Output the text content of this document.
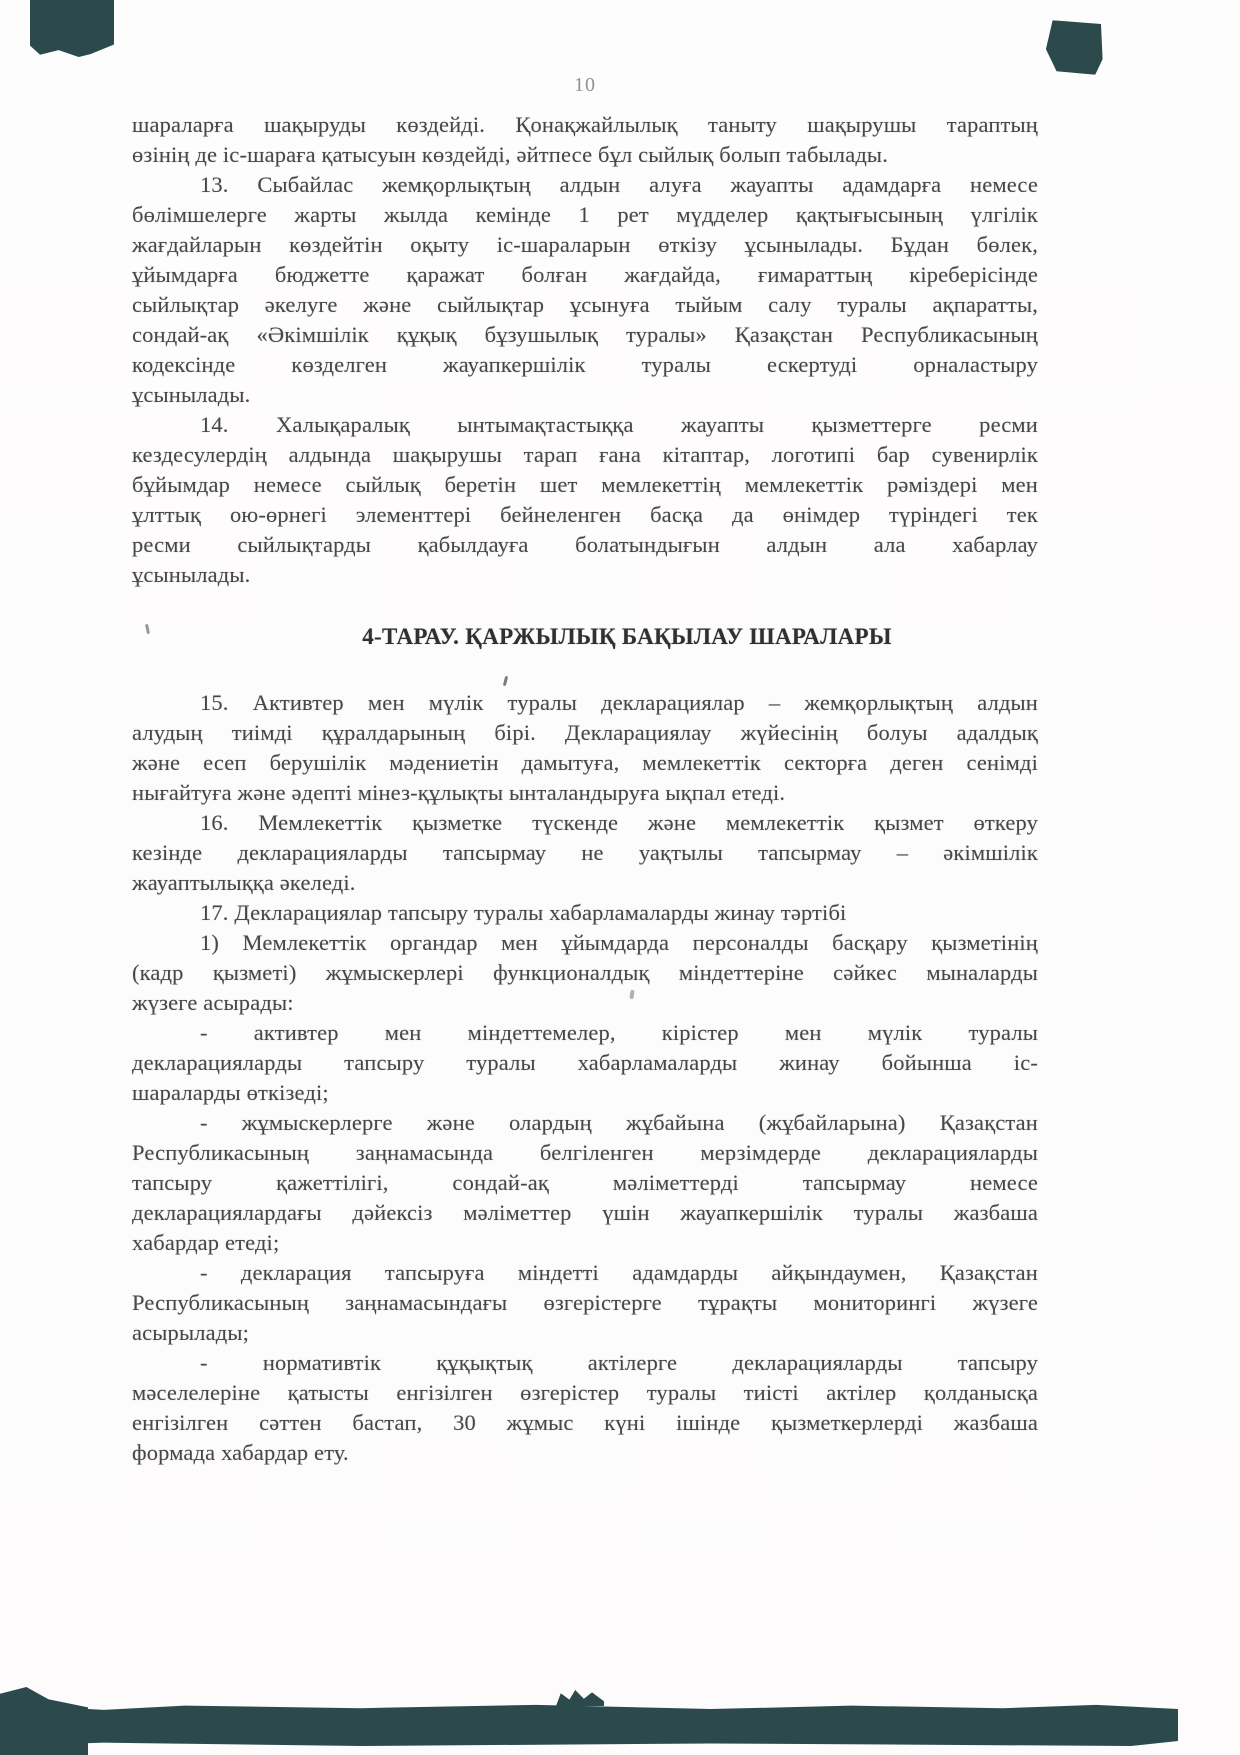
10
шараларға шақыруды көздейді. Қонақжайлылық таныту шақырушы тараптың
өзінің де іс-шараға қатысуын көздейді, әйтпесе бұл сыйлық болып табылады.
13. Сыбайлас жемқорлықтың алдын алуға жауапты адамдарға немесе
бөлімшелерге жарты жылда кемінде 1 рет мүдделер қақтығысының үлгілік
жағдайларын көздейтін оқыту іс-шараларын өткізу ұсынылады. Бұдан бөлек,
ұйымдарға бюджетте қаражат болған жағдайда, ғимараттың кіреберісінде
сыйлықтар әкелуге және сыйлықтар ұсынуға тыйым салу туралы ақпаратты,
сондай-ақ «Әкімшілік құқық бұзушылық туралы» Қазақстан Республикасының
кодексінде көзделген жауапкершілік туралы ескертуді орналастыру
ұсынылады.
14. Халықаралық ынтымақтастыққа жауапты қызметтерге ресми
кездесулердің алдында шақырушы тарап ғана кітаптар, логотипі бар сувенирлік
бұйымдар немесе сыйлық беретін шет мемлекеттің мемлекеттік рәміздері мен
ұлттық ою-өрнегі элементтері бейнеленген басқа да өнімдер түріндегі тек
ресми сыйлықтарды қабылдауға болатындығын алдын ала хабарлау
ұсынылады.
4-ТАРАУ. ҚАРЖЫЛЫҚ БАҚЫЛАУ ШАРАЛАРЫ
15. Активтер мен мүлік туралы декларациялар – жемқорлықтың алдын
алудың тиімді құралдарының бірі. Декларациялау жүйесінің болуы адалдық
және есеп берушілік мәдениетін дамытуға, мемлекеттік секторға деген сенімді
нығайтуға және әдепті мінез-құлықты ынталандыруға ықпал етеді.
16. Мемлекеттік қызметке түскенде және мемлекеттік қызмет өткеру
кезінде декларацияларды тапсырмау не уақтылы тапсырмау – әкімшілік
жауаптылыққа әкеледі.
17. Декларациялар тапсыру туралы хабарламаларды жинау тәртібі
1) Мемлекеттік органдар мен ұйымдарда персоналды басқару қызметінің
(кадр қызметі) жұмыскерлері функционалдық міндеттеріне сәйкес мыналарды
жүзеге асырады:
- активтер мен міндеттемелер, кірістер мен мүлік туралы
декларацияларды тапсыру туралы хабарламаларды жинау бойынша іс-
шараларды өткізеді;
- жұмыскерлерге және олардың жұбайына (жұбайларына) Қазақстан
Республикасының заңнамасында белгіленген мерзімдерде декларацияларды
тапсыру қажеттілігі, сондай-ақ мәліметтерді тапсырмау немесе
декларациялардағы дәйексіз мәліметтер үшін жауапкершілік туралы жазбаша
хабардар етеді;
- декларация тапсыруға міндетті адамдарды айқындаумен, Қазақстан
Республикасының заңнамасындағы өзгерістерге тұрақты мониторингі жүзеге
асырылады;
- нормативтік құқықтық актілерге декларацияларды тапсыру
мәселелеріне қатысты енгізілген өзгерістер туралы тиісті актілер қолданысқа
енгізілген сәттен бастап, 30 жұмыс күні ішінде қызметкерлерді жазбаша
формада хабардар ету.
